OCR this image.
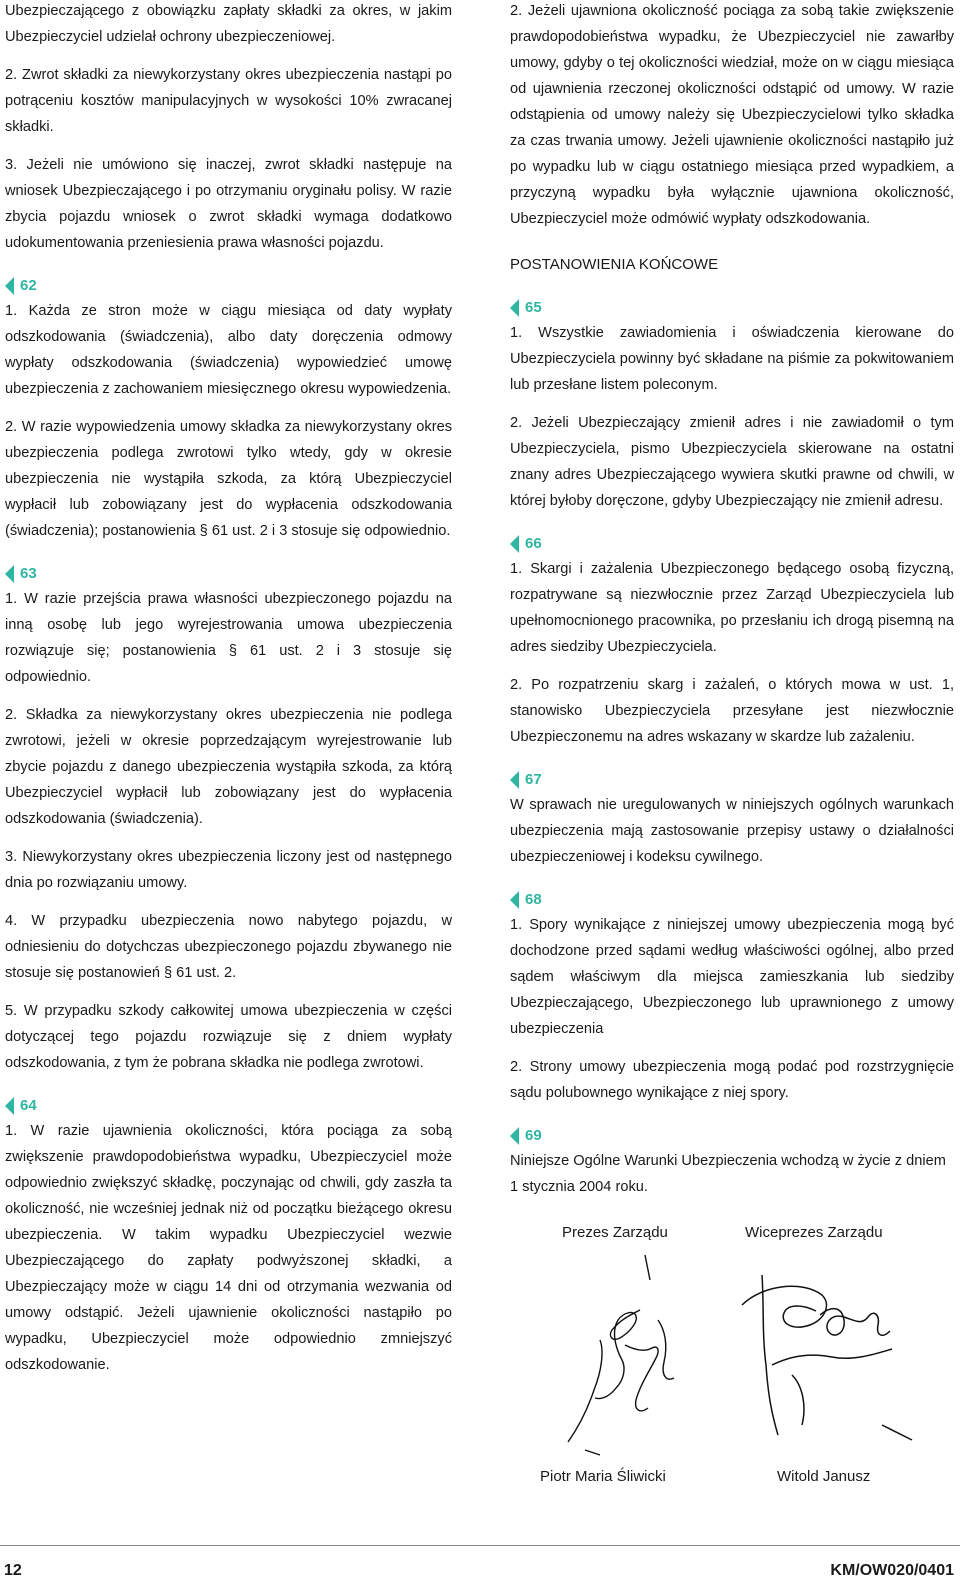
Ubezpieczającego z obowiązku zapłaty składki za okres, w jakim Ubezpieczyciel udzielał ochrony ubezpieczeniowej.

2. Zwrot składki za niewykorzystany okres ubezpieczenia nastąpi po potrąceniu kosztów manipulacyjnych w wysokości 10% zwracanej składki.

3. Jeżeli nie umówiono się inaczej, zwrot składki następuje na wniosek Ubezpieczającego i po otrzymaniu oryginału polisy. W razie zbycia pojazdu wniosek o zwrot składki wymaga dodatkowo udokumentowania przeniesienia prawa własności pojazdu.

62

1. Każda ze stron może w ciągu miesiąca od daty wypłaty odszkodowania (świadczenia), albo daty doręczenia odmowy wypłaty odszkodowania (świadczenia) wypowiedzieć umowę ubezpieczenia z zachowaniem miesięcznego okresu wypowiedzenia.

2. W razie wypowiedzenia umowy składka za niewykorzystany okres ubezpieczenia podlega zwrotowi tylko wtedy, gdy w okresie ubezpieczenia nie wystąpiła szkoda, za którą Ubezpieczyciel wypłacił lub zobowiązany jest do wypłacenia odszkodowania (świadczenia); postanowienia § 61 ust. 2 i 3 stosuje się odpowiednio.

63

1. W razie przejścia prawa własności ubezpieczonego pojazdu na inną osobę lub jego wyrejestrowania umowa ubezpieczenia rozwiązuje się; postanowienia § 61 ust. 2 i 3 stosuje się odpowiednio.

2. Składka za niewykorzystany okres ubezpieczenia nie podlega zwrotowi, jeżeli w okresie poprzedzającym wyrejestrowanie lub zbycie pojazdu z danego ubezpieczenia wystąpiła szkoda, za którą Ubezpieczyciel wypłacił lub zobowiązany jest do wypłacenia odszkodowania (świadczenia).

3. Niewykorzystany okres ubezpieczenia liczony jest od następnego dnia po rozwiązaniu umowy.

4. W przypadku ubezpieczenia nowo nabytego pojazdu, w odniesieniu do dotychczas ubezpieczonego pojazdu zbywanego nie stosuje się postanowień § 61 ust. 2.

5. W przypadku szkody całkowitej umowa ubezpieczenia w części dotyczącej tego pojazdu rozwiązuje się z dniem wypłaty odszkodowania, z tym że pobrana składka nie podlega zwrotowi.

64

1. W razie ujawnienia okoliczności, która pociąga za sobą zwiększenie prawdopodobieństwa wypadku, Ubezpieczyciel może odpowiednio zwiększyć składkę, poczynając od chwili, gdy zaszła ta okoliczność, nie wcześniej jednak niż od początku bieżącego okresu ubezpieczenia. W takim wypadku Ubezpieczyciel wezwie Ubezpieczającego do zapłaty podwyższonej składki, a Ubezpieczający może w ciągu 14 dni od otrzymania wezwania od umowy odstąpić. Jeżeli ujawnienie okoliczności nastąpiło po wypadku, Ubezpieczyciel może odpowiednio zmniejszyć odszkodowanie.

2. Jeżeli ujawniona okoliczność pociąga za sobą takie zwiększenie prawdopodobieństwa wypadku, że Ubezpieczyciel nie zawarłby umowy, gdyby o tej okoliczności wiedział, może on w ciągu miesiąca od ujawnienia rzeczonej okoliczności odstąpić od umowy. W razie odstąpienia od umowy należy się Ubezpieczycielowi tylko składka za czas trwania umowy. Jeżeli ujawnienie okoliczności nastąpiło już po wypadku lub w ciągu ostatniego miesiąca przed wypadkiem, a przyczyną wypadku była wyłącznie ujawniona okoliczność, Ubezpieczyciel może odmówić wypłaty odszkodowania.

POSTANOWIENIA KOŃCOWE
65

1. Wszystkie zawiadomienia i oświadczenia kierowane do Ubezpieczyciela powinny być składane na piśmie za pokwitowaniem lub przesłane listem poleconym.

2. Jeżeli Ubezpieczający zmienił adres i nie zawiadomił o tym Ubezpieczyciela, pismo Ubezpieczyciela skierowane na ostatni znany adres Ubezpieczającego wywiera skutki prawne od chwili, w której byłoby doręczone, gdyby Ubezpieczający nie zmienił adresu.

66

1. Skargi i zażalenia Ubezpieczonego będącego osobą fizyczną, rozpatrywane są niezwłocznie przez Zarząd Ubezpieczyciela lub upełnomocnionego pracownika, po przesłaniu ich drogą pisemną na adres siedziby Ubezpieczyciela.

2. Po rozpatrzeniu skarg i zażaleń, o których mowa w ust. 1, stanowisko Ubezpieczyciela przesyłane jest niezwłocznie Ubezpieczonemu na adres wskazany w skardze lub zażaleniu.

67

W sprawach nie uregulowanych w niniejszych ogólnych warunkach ubezpieczenia mają zastosowanie przepisy ustawy o działalności ubezpieczeniowej i kodeksu cywilnego.

68

1. Spory wynikające z niniejszej umowy ubezpieczenia mogą być dochodzone przed sądami według właściwości ogólnej, albo przed sądem właściwym dla miejsca zamieszkania lub siedziby Ubezpieczającego, Ubezpieczonego lub uprawnionego z umowy ubezpieczenia

2. Strony umowy ubezpieczenia mogą podać pod rozstrzygnięcie sądu polubownego wynikające z niej spory.

69

Niniejsze Ogólne Warunki Ubezpieczenia wchodzą w życie z dniem 1 stycznia 2004 roku.

Prezes Zarządu	Wiceprezes Zarządu
Piotr Maria Śliwicki	Witold Janusz
12	KM/OW020/0401
